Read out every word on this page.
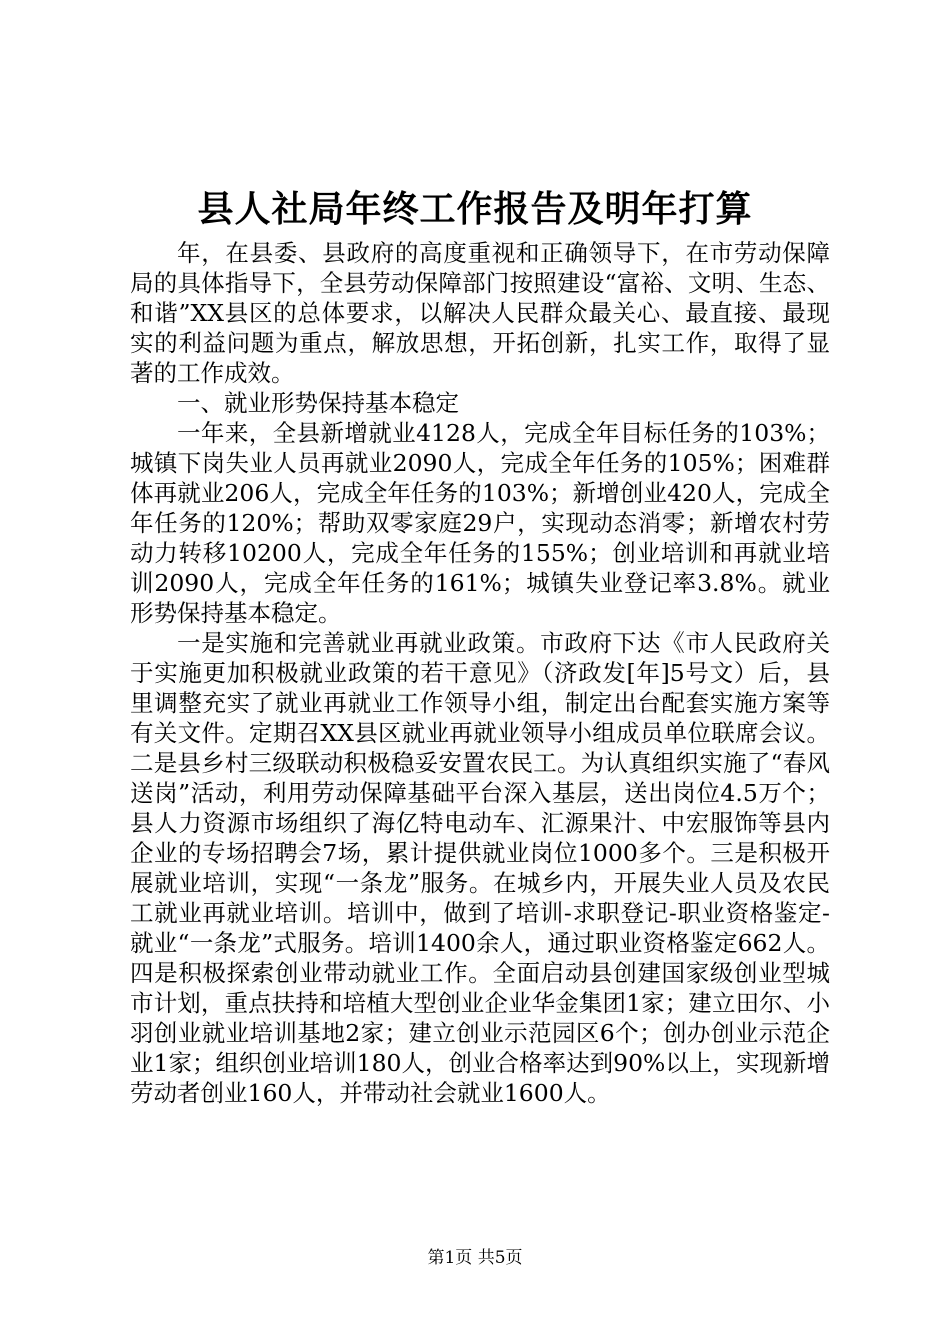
县人社局年终工作报告及明年打算

年，在县委、县政府的高度重视和正确领导下，在市劳动保障局的具体指导下，全县劳动保障部门按照建设“富裕、文明、生态、和谐”XX县区的总体要求，以解决人民群众最关心、最直接、最现实的利益问题为重点，解放思想，开拓创新，扎实工作，取得了显著的工作成效。

一、就业形势保持基本稳定

一年来，全县新增就业4128人，完成全年目标任务的103%；城镇下岗失业人员再就业2090人，完成全年任务的105%；困难群体再就业206人，完成全年任务的103%；新增创业420人，完成全年任务的120%；帮助双零家庭29户，实现动态消零；新增农村劳动力转移10200人，完成全年任务的155%；创业培训和再就业培训2090人，完成全年任务的161%；城镇失业登记率3.8%。就业形势保持基本稳定。

一是实施和完善就业再就业政策。市政府下达《市人民政府关于实施更加积极就业政策的若干意见》（济政发[年]5号文）后，县里调整充实了就业再就业工作领导小组，制定出台配套实施方案等有关文件。定期召XX县区就业再就业领导小组成员单位联席会议。二是县乡村三级联动积极稳妥安置农民工。为认真组织实施了“春风送岗”活动，利用劳动保障基础平台深入基层，送出岗位4.5万个；县人力资源市场组织了海亿特电动车、汇源果汁、中宏服饰等县内企业的专场招聘会7场，累计提供就业岗位1000多个。三是积极开展就业培训，实现“一条龙”服务。在城乡内，开展失业人员及农民工就业再就业培训。培训中，做到了培训-求职登记-职业资格鉴定-就业“一条龙”式服务。培训1400余人，通过职业资格鉴定662人。四是积极探索创业带动就业工作。全面启动县创建国家级创业型城市计划，重点扶持和培植大型创业企业华金集团1家；建立田尔、小羽创业就业培训基地2家；建立创业示范园区6个；创办创业示范企业1家；组织创业培训180人，创业合格率达到90%以上，实现新增劳动者创业160人，并带动社会就业1600人。

第1页 共5页
